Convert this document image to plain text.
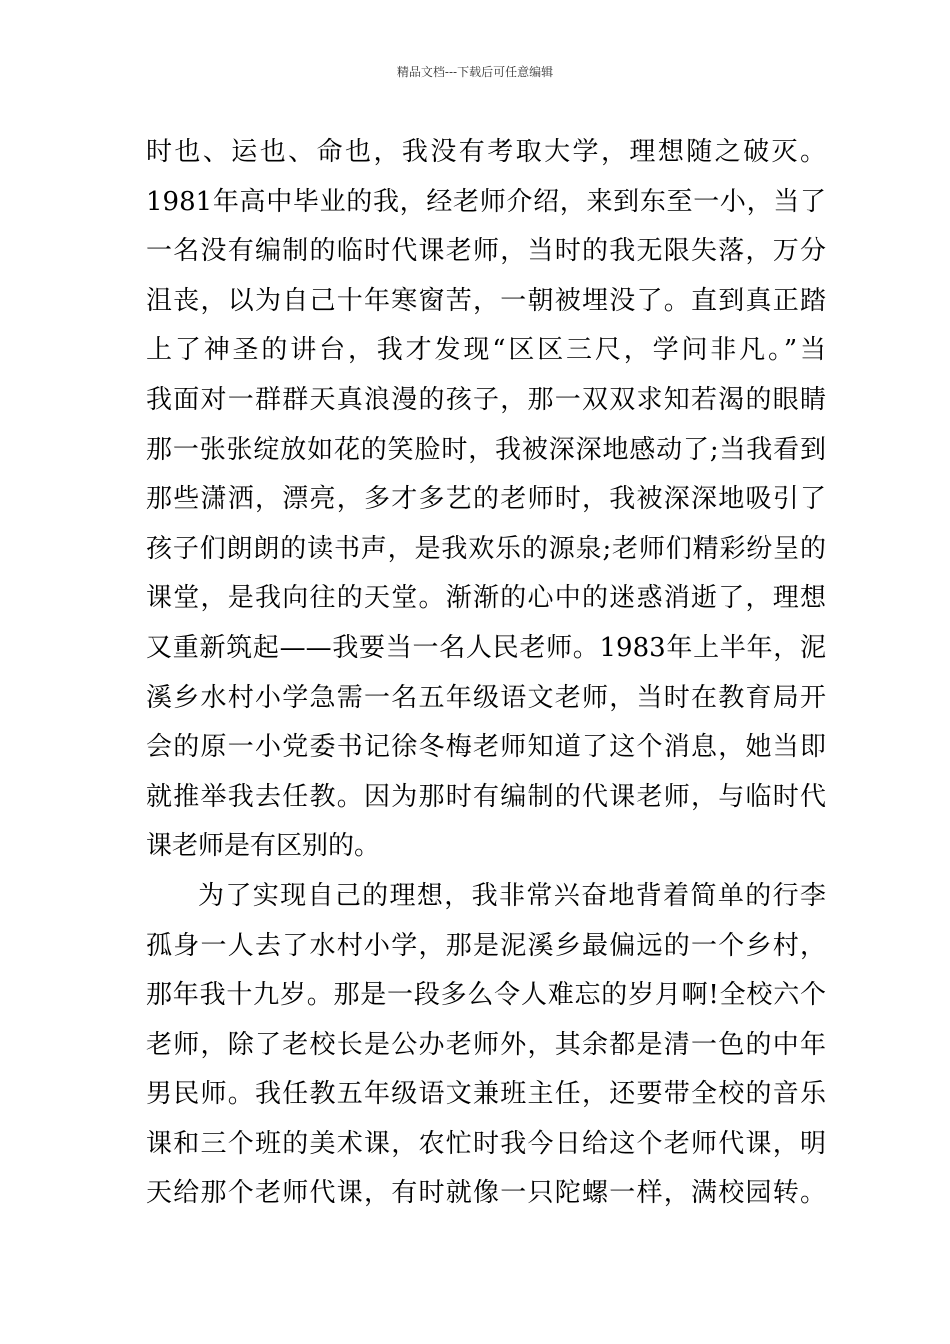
精品文档---下载后可任意编辑
时也、运也、命也，我没有考取大学，理想随之破灭。
1981年高中毕业的我，经老师介绍，来到东至一小，当了
一名没有编制的临时代课老师，当时的我无限失落，万分
沮丧，以为自己十年寒窗苦，一朝被埋没了。直到真正踏
上了神圣的讲台，我才发现“区区三尺，学问非凡。”当
我面对一群群天真浪漫的孩子，那一双双求知若渴的眼睛
那一张张绽放如花的笑脸时，我被深深地感动了;当我看到
那些潇洒，漂亮，多才多艺的老师时，我被深深地吸引了
孩子们朗朗的读书声，是我欢乐的源泉;老师们精彩纷呈的
课堂，是我向往的天堂。渐渐的心中的迷惑消逝了，理想
又重新筑起——我要当一名人民老师。1983年上半年，泥
溪乡水村小学急需一名五年级语文老师，当时在教育局开
会的原一小党委书记徐冬梅老师知道了这个消息，她当即
就推举我去任教。因为那时有编制的代课老师，与临时代
课老师是有区别的。
为了实现自己的理想，我非常兴奋地背着简单的行李
孤身一人去了水村小学，那是泥溪乡最偏远的一个乡村，
那年我十九岁。那是一段多么令人难忘的岁月啊!全校六个
老师，除了老校长是公办老师外，其余都是清一色的中年
男民师。我任教五年级语文兼班主任，还要带全校的音乐
课和三个班的美术课，农忙时我今日给这个老师代课，明
天给那个老师代课，有时就像一只陀螺一样，满校园转。
